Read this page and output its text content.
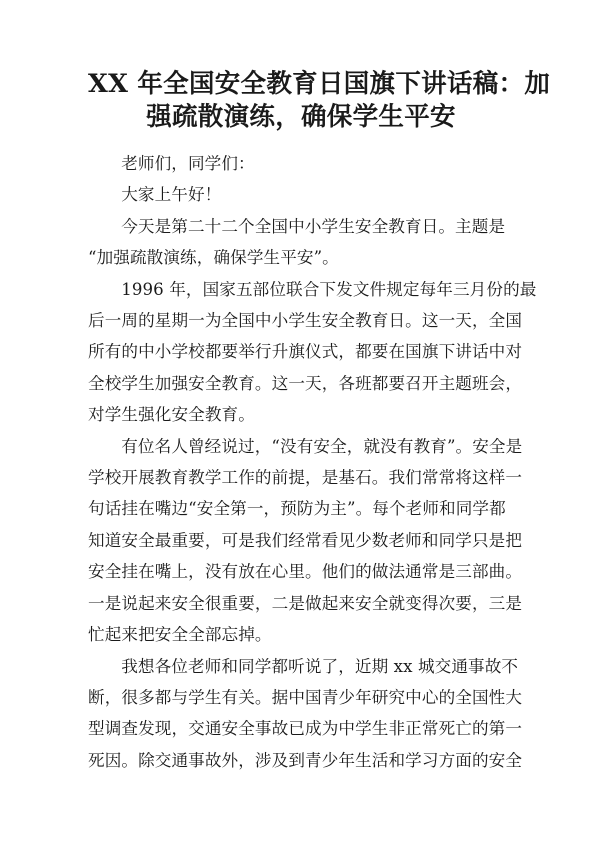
XX 年全国安全教育日国旗下讲话稿：加
强疏散演练，确保学生平安

老师们，同学们：

大家上午好！

今天是第二十二个全国中小学生安全教育日。主题是
“加强疏散演练，确保学生平安”。

1996 年，国家五部位联合下发文件规定每年三月份的最
后一周的星期一为全国中小学生安全教育日。这一天，全国
所有的中小学校都要举行升旗仪式，都要在国旗下讲话中对
全校学生加强安全教育。这一天，各班都要召开主题班会，
对学生强化安全教育。

有位名人曾经说过，“没有安全，就没有教育”。安全是
学校开展教育教学工作的前提，是基石。我们常常将这样一
句话挂在嘴边“安全第一，预防为主”。每个老师和同学都
知道安全最重要，可是我们经常看见少数老师和同学只是把
安全挂在嘴上，没有放在心里。他们的做法通常是三部曲。
一是说起来安全很重要，二是做起来安全就变得次要，三是
忙起来把安全全部忘掉。

我想各位老师和同学都听说了，近期 xx 城交通事故不
断，很多都与学生有关。据中国青少年研究中心的全国性大
型调查发现，交通安全事故已成为中学生非正常死亡的第一
死因。除交通事故外，涉及到青少年生活和学习方面的安全
